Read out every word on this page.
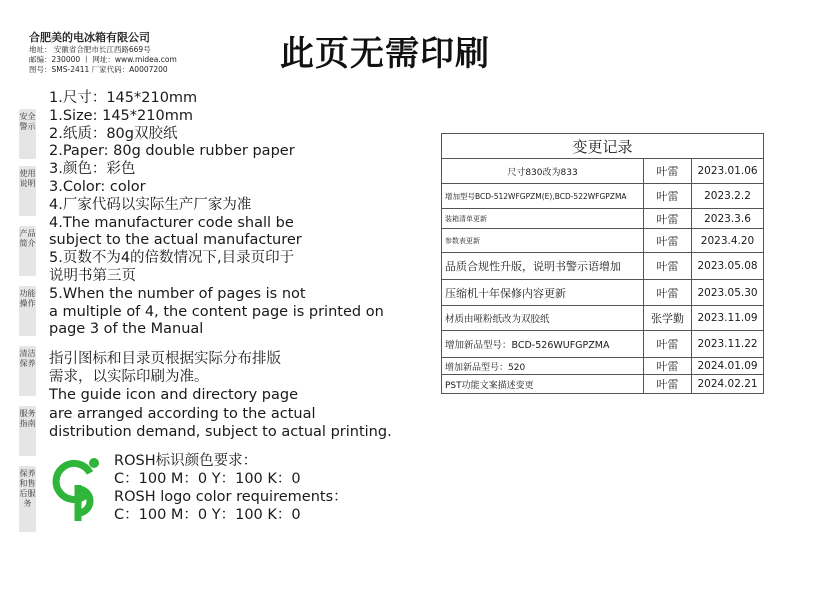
合肥美的电冰箱有限公司
地址： 安徽省合肥市长江西路669号
邮编：230000 丨 网址：www.midea.com
图号：SMS-2411 厂家代码：A0007200	此页无需印刷
安全警示
使用说明
产品简介
功能操作
清洁保养
服务指南
保养和售后服务
1.尺寸：145*210mm
1.Size: 145*210mm
2.纸质：80g双胶纸
2.Paper: 80g double rubber paper
3.颜色：彩色
3.Color: color
4.厂家代码以实际生产厂家为准
4.The manufacturer code shall be
subject to the actual manufacturer
5.页数不为4的倍数情况下,目录页印于
说明书第三页
5.When the number of pages is not
a multiple of 4, the content page is printed on
page 3 of the Manual
指引图标和目录页根据实际分布排版
需求，以实际印刷为准。
The guide icon and directory page
are arranged according to the actual
distribution demand, subject to actual printing.
ROSH标识颜色要求：
C：100 M：0 Y：100 K：0
ROSH logo color requirements：
C：100 M：0 Y：100 K：0
变更记录		
尺寸830改为833	叶雷	2023.01.06
增加型号BCD-512WFGPZM(E),BCD-522WFGPZMA	叶雷	2023.2.2
装箱清单更新	叶雷	2023.3.6
参数表更新	叶雷	2023.4.20
品质合规性升版，说明书警示语增加	叶雷	2023.05.08
压缩机十年保修内容更新	叶雷	2023.05.30
材质由哑粉纸改为双胶纸	张学勤	2023.11.09
增加新品型号：BCD-526WUFGPZMA	叶雷	2023.11.22
增加新品型号：520	叶雷	2024.01.09
PST功能文案描述变更	叶雷	2024.02.21
